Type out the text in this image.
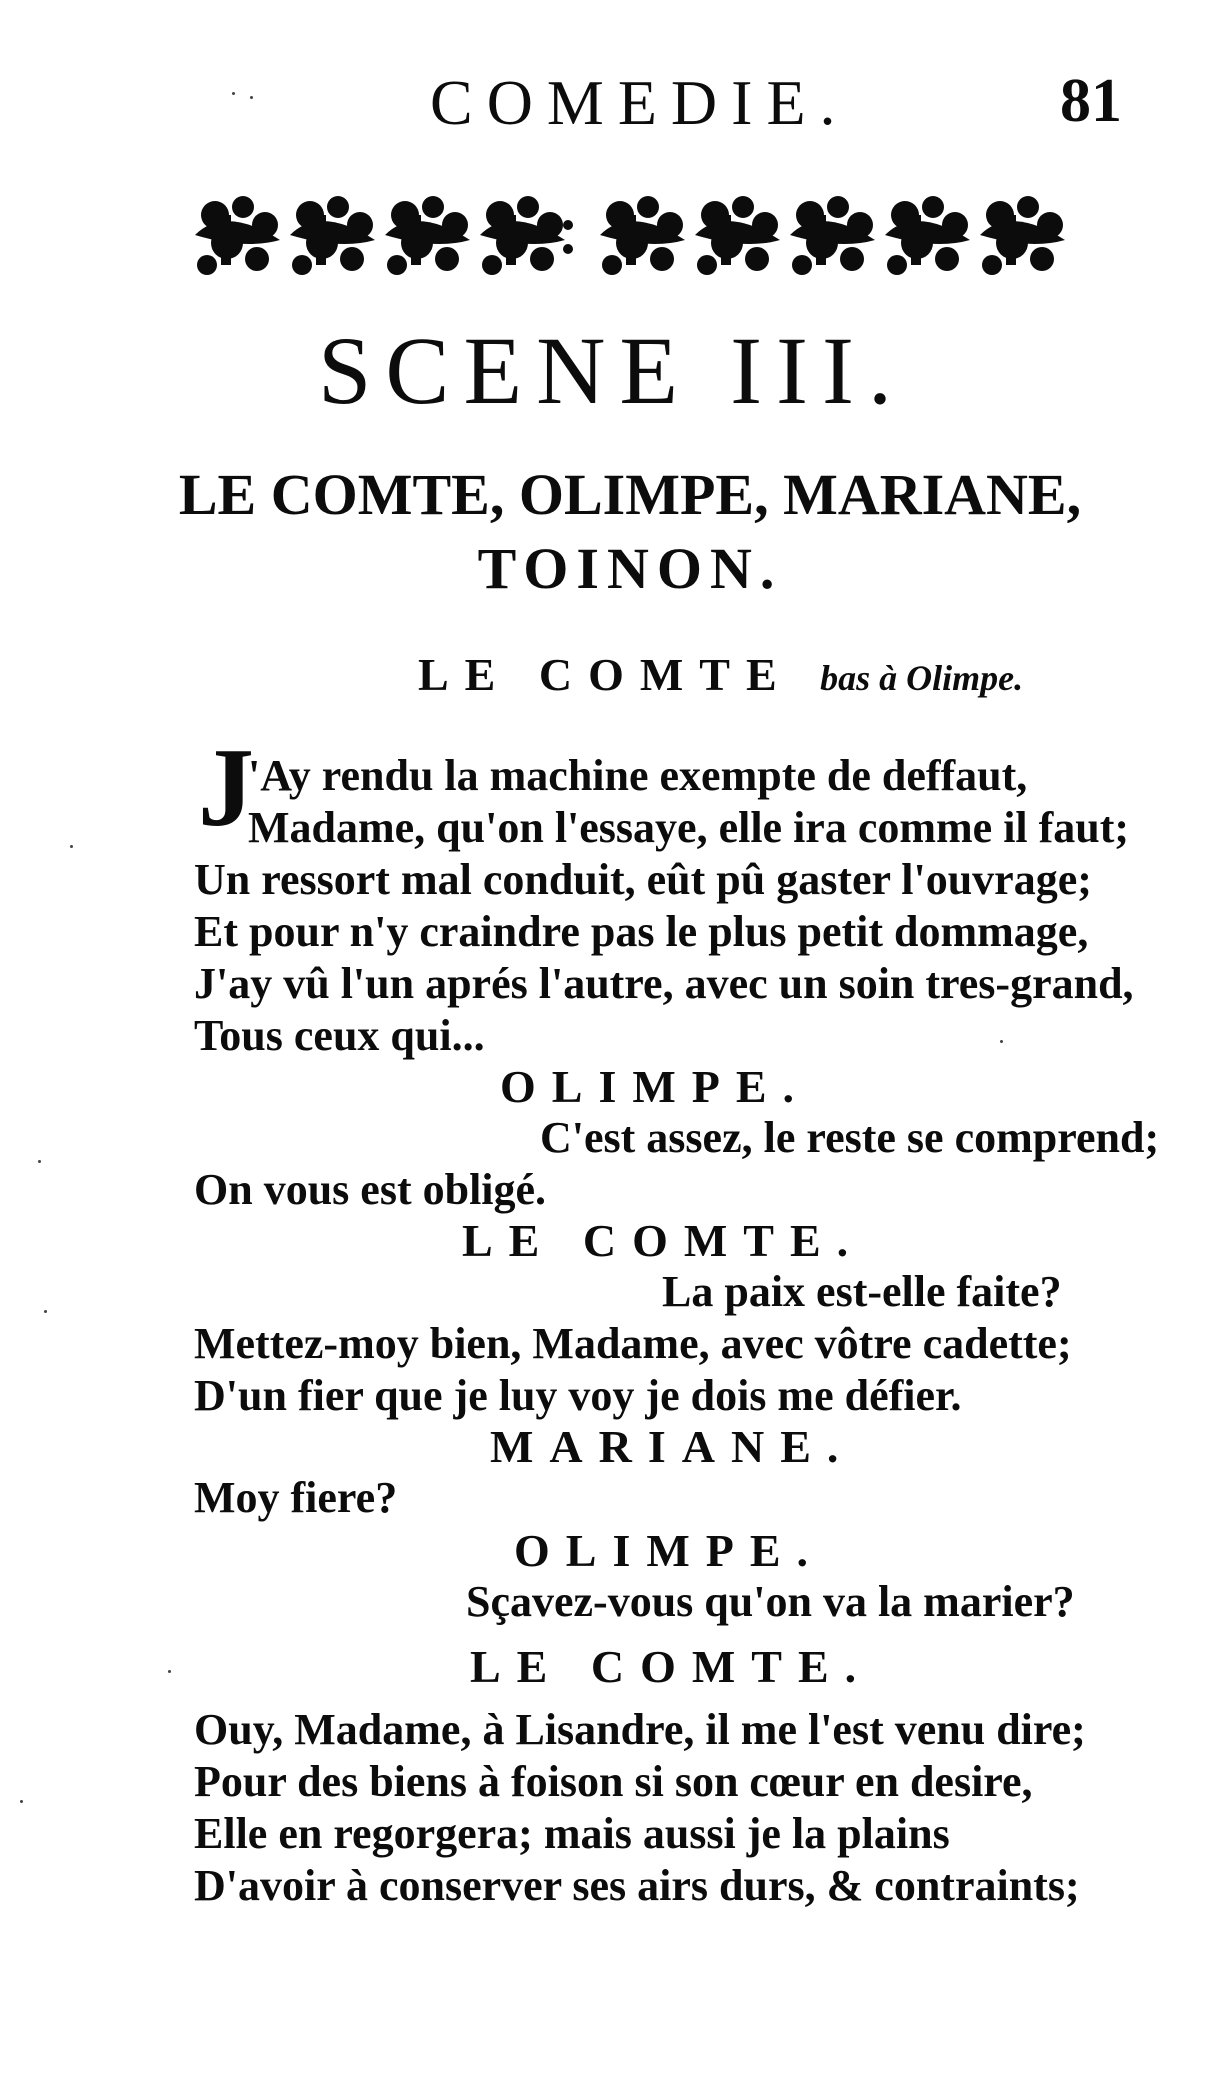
COMEDIE.	81
SCENE III.
LE COMTE, OLIMPE, MARIANE,
TOINON.
LE COMTE bas à Olimpe.
J
'Ay rendu la machine exempte de deffaut,
Madame, qu'on l'essaye, elle ira comme il faut;
Un ressort mal conduit, eût pû gaster l'ouvrage;
Et pour n'y craindre pas le plus petit dommage,
J'ay vû l'un aprés l'autre, avec un soin tres-grand,
Tous ceux qui...
OLIMPE.
C'est assez, le reste se comprend;
On vous est obligé.
LE COMTE.
La paix est-elle faite?
Mettez-moy bien, Madame, avec vôtre cadette;
D'un fier que je luy voy je dois me défier.
MARIANE.
Moy fiere?
OLIMPE.
Sçavez-vous qu'on va la marier?
LE COMTE.
Ouy, Madame, à Lisandre, il me l'est venu dire;
Pour des biens à foison si son cœur en desire,
Elle en regorgera; mais aussi je la plains
D'avoir à conserver ses airs durs, & contraints;
